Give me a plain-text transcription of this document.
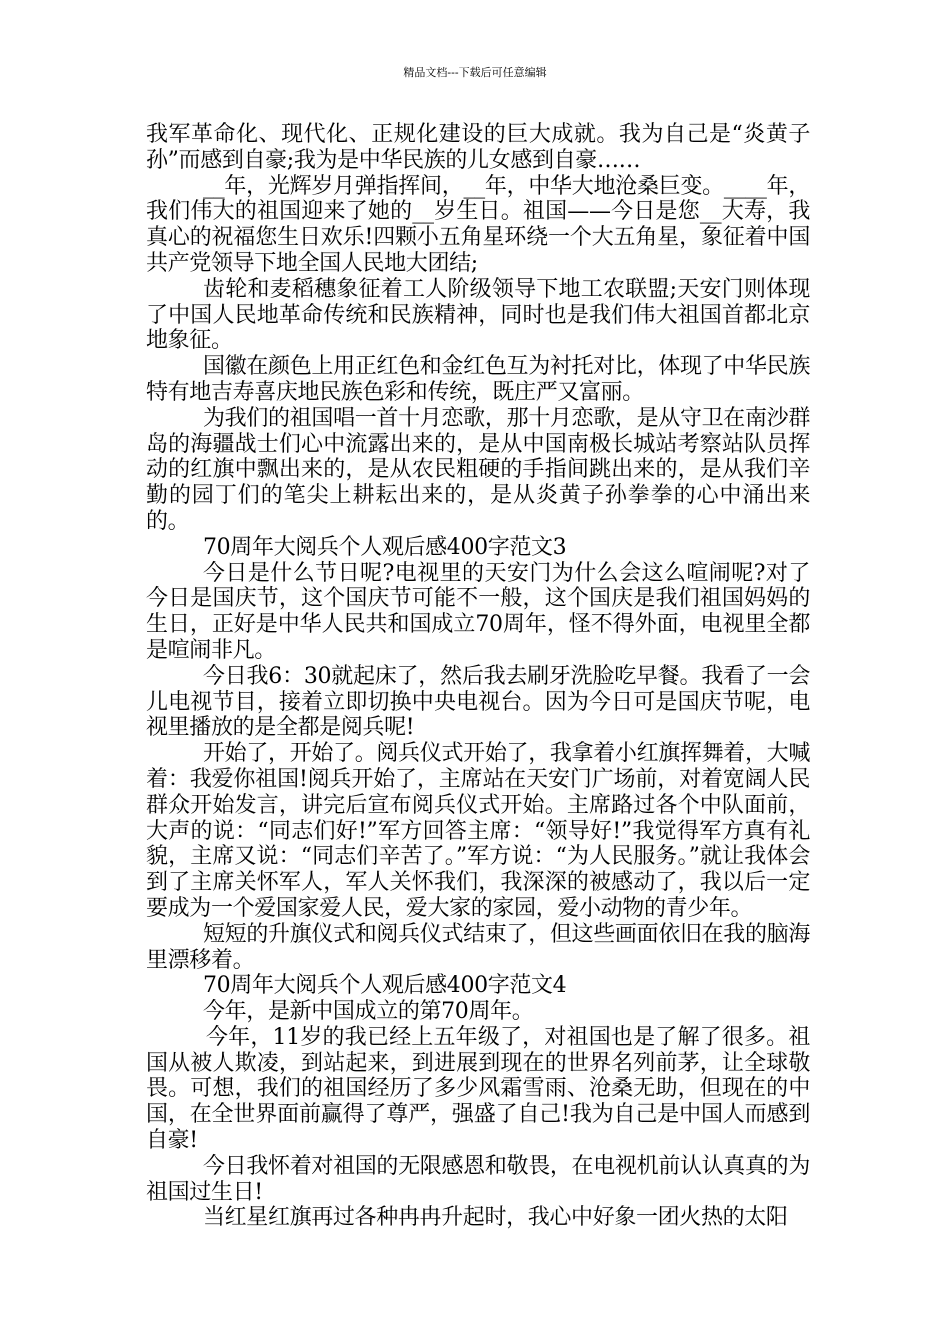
精品文档---下载后可任意编辑

我军革命化、现代化、正规化建设的巨大成就。我为自己是“炎黄子孙”而感到自豪;我为是中华民族的儿女感到自豪……

__年，光辉岁月弹指挥间，__年，中华大地沧桑巨变。____年，我们伟大的祖国迎来了她的__岁生日。祖国——今日是您__大寿，我真心的祝福您生日欢乐!四颗小五角星环绕一个大五角星，象征着中国共产党领导下地全国人民地大团结;

齿轮和麦稻穗象征着工人阶级领导下地工农联盟;天安门则体现了中国人民地革命传统和民族精神，同时也是我们伟大祖国首都北京地象征。

国徽在颜色上用正红色和金红色互为衬托对比，体现了中华民族特有地吉寿喜庆地民族色彩和传统，既庄严又富丽。

为我们的祖国唱一首十月恋歌，那十月恋歌，是从守卫在南沙群岛的海疆战士们心中流露出来的，是从中国南极长城站考察站队员挥动的红旗中飘出来的，是从农民粗硬的手指间跳出来的，是从我们辛勤的园丁们的笔尖上耕耘出来的，是从炎黄子孙拳拳的心中涌出来的。

70周年大阅兵个人观后感400字范文3

今日是什么节日呢?电视里的天安门为什么会这么喧闹呢?对了今日是国庆节，这个国庆节可能不一般，这个国庆是我们祖国妈妈的生日，正好是中华人民共和国成立70周年，怪不得外面，电视里全都是喧闹非凡。

今日我6：30就起床了，然后我去刷牙洗脸吃早餐。我看了一会儿电视节目，接着立即切换中央电视台。因为今日可是国庆节呢，电视里播放的是全都是阅兵呢!

开始了，开始了。阅兵仪式开始了，我拿着小红旗挥舞着，大喊着：我爱你祖国!阅兵开始了，主席站在天安门广场前，对着宽阔人民群众开始发言，讲完后宣布阅兵仪式开始。主席路过各个中队面前，大声的说：“同志们好!”军方回答主席：“领导好!”我觉得军方真有礼貌，主席又说：“同志们辛苦了。”军方说：“为人民服务。”就让我体会到了主席关怀军人，军人关怀我们，我深深的被感动了，我以后一定要成为一个爱国家爱人民，爱大家的家园，爱小动物的青少年。

短短的升旗仪式和阅兵仪式结束了，但这些画面依旧在我的脑海里漂移着。

70周年大阅兵个人观后感400字范文4

今年，是新中国成立的第70周年。

今年，11岁的我已经上五年级了，对祖国也是了解了很多。祖国从被人欺凌，到站起来，到进展到现在的世界名列前茅，让全球敬畏。可想，我们的祖国经历了多少风霜雪雨、沧桑无助，但现在的中国，在全世界面前赢得了尊严，强盛了自己!我为自己是中国人而感到自豪!

今日我怀着对祖国的无限感恩和敬畏，在电视机前认认真真的为祖国过生日!

当红星红旗再过各种冉冉升起时，我心中好象一团火热的太阳
